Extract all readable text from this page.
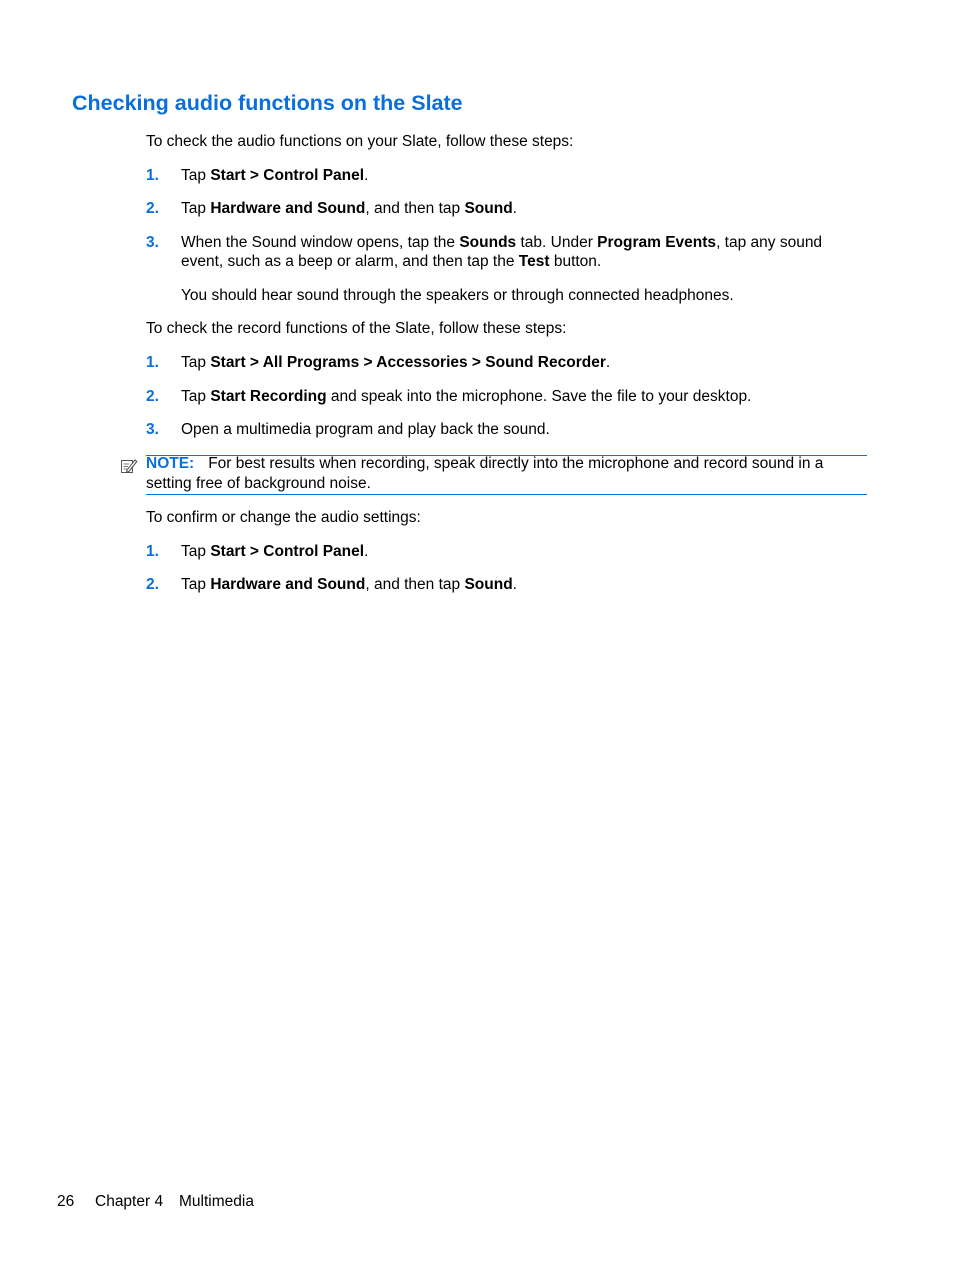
Checking audio functions on the Slate

To check the audio functions on your Slate, follow these steps:

1. Tap Start > Control Panel.

2. Tap Hardware and Sound, and then tap Sound.

3. When the Sound window opens, tap the Sounds tab. Under Program Events, tap any sound event, such as a beep or alarm, and then tap the Test button.

You should hear sound through the speakers or through connected headphones.

To check the record functions of the Slate, follow these steps:

1. Tap Start > All Programs > Accessories > Sound Recorder.

2. Tap Start Recording and speak into the microphone. Save the file to your desktop.

3. Open a multimedia program and play back the sound.

NOTE: For best results when recording, speak directly into the microphone and record sound in a setting free of background noise.

To confirm or change the audio settings:

1. Tap Start > Control Panel.

2. Tap Hardware and Sound, and then tap Sound.

26 Chapter 4 Multimedia
